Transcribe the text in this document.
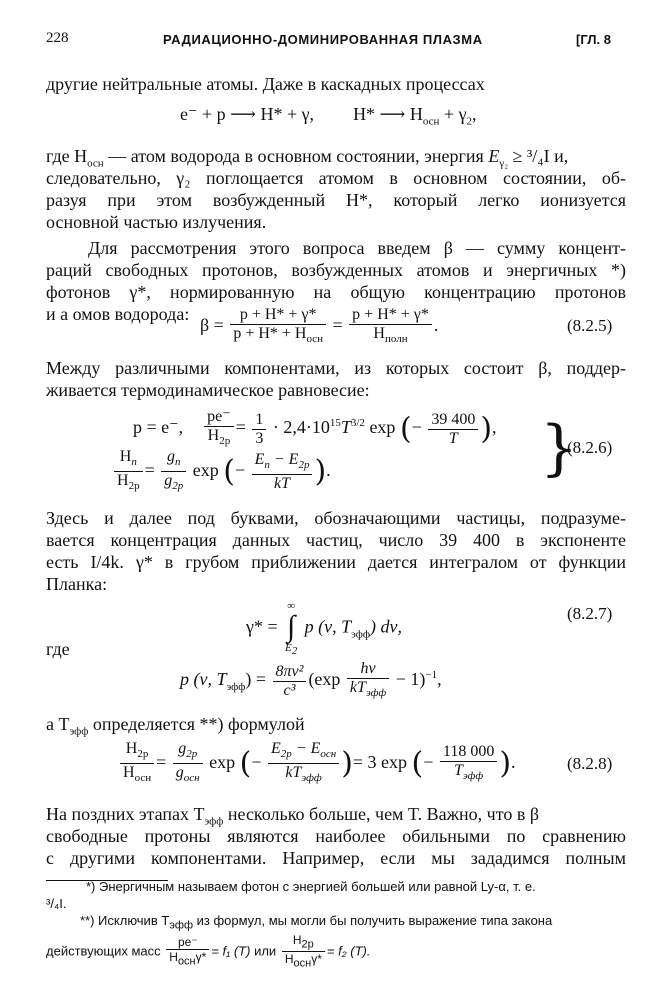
228	РАДИАЦИОННО-ДОМИНИРОВАННАЯ ПЛАЗМА	[ГЛ. 8
другие нейтральные атомы. Даже в каскадных процессах
e⁻ + p ⟶ H* + γ, H* ⟶ $H_{осн} + \gamma_2$,
где $H_{осн}$ — атом водорода в основном состоянии, энергия $E_{\gamma_2} \ge ^3/_4I$ и,
следовательно, γ₂ поглощается атомом в основном состоянии, об-
разуя при этом возбужденный H*, который легко ионизуется
основной частью излучения.
Для рассмотрения этого вопроса введем β — сумму концент-
раций свободных протонов, возбужденных атомов и энергичных *)
фотонов γ*, нормированную на общую концентрацию протонов
и а омов водорода:
$\beta = \frac{p + H* + \gamma*}{p + H* + H_{осн}} = \frac{p + H* + \gamma*}{H_{полн}}$ .	(8.2.5)
Между различными компонентами, из которых состоит β, поддер-
живается термодинамическое равновесие:
p = e⁻, $\frac{pe^-}{H_{2p}} = \frac{1}{3} \cdot 2,4\cdot 10^{15}T^{3/2}$ exp (− $\frac{39 400}{T}$ ),
$\frac{H_n}{H_{2p}} = \frac{g_n}{g_{2p}}$ exp (− $\frac{E_n - E_{2p}}{kT}$ ).	}
(8.2.6)
Здесь и далее под буквами, обозначающими частицы, подразуме-
вается концентрация данных частиц, число 39 400 в экспоненте
есть I/4k. γ* в грубом приближении дается интегралом от функции
Планка:
γ* =
∞
∫
$E_2$
p (ν, $T_{эфф}$) dν,
(8.2.7)
где
p (ν, $T_{эфф}) = \frac{\text{8πν²}}{\text{c³}} (\exp \frac{h\nu}{kT_{эфф}} - 1)^{-1}$,
а $T_{эфф}$ определяется **) формулой
$\frac{H_{2p}}{H_{осн}} = \frac{g_{2p}}{g_{осн}}$ exp (− $\frac{E_{2p} - E_{осн}}{kT_{эфф}}$ )= 3 exp (− $\frac{118 000}{T_{эфф}}$ ).	(8.2.8)
На поздних этапах $T_{эфф}$ несколько больше, чем T. Важно, что в β
свободные протоны являются наиболее обильными по сравнению
с другими компонентами. Например, если мы зададимся полным
*) Энергичным называем фотон с энергией большей или равной Ly-α, т. е.
³/₄I.
**) Исключив $T_{эфф}$ из формул, мы могли бы получить выражение типа закона
действующих масс $\frac{pe^-}{H_{осн}\gamma*} = f_1$ (T) или $\frac{H_{2p}}{H_{осн}\gamma*} = f_2$ (T).
